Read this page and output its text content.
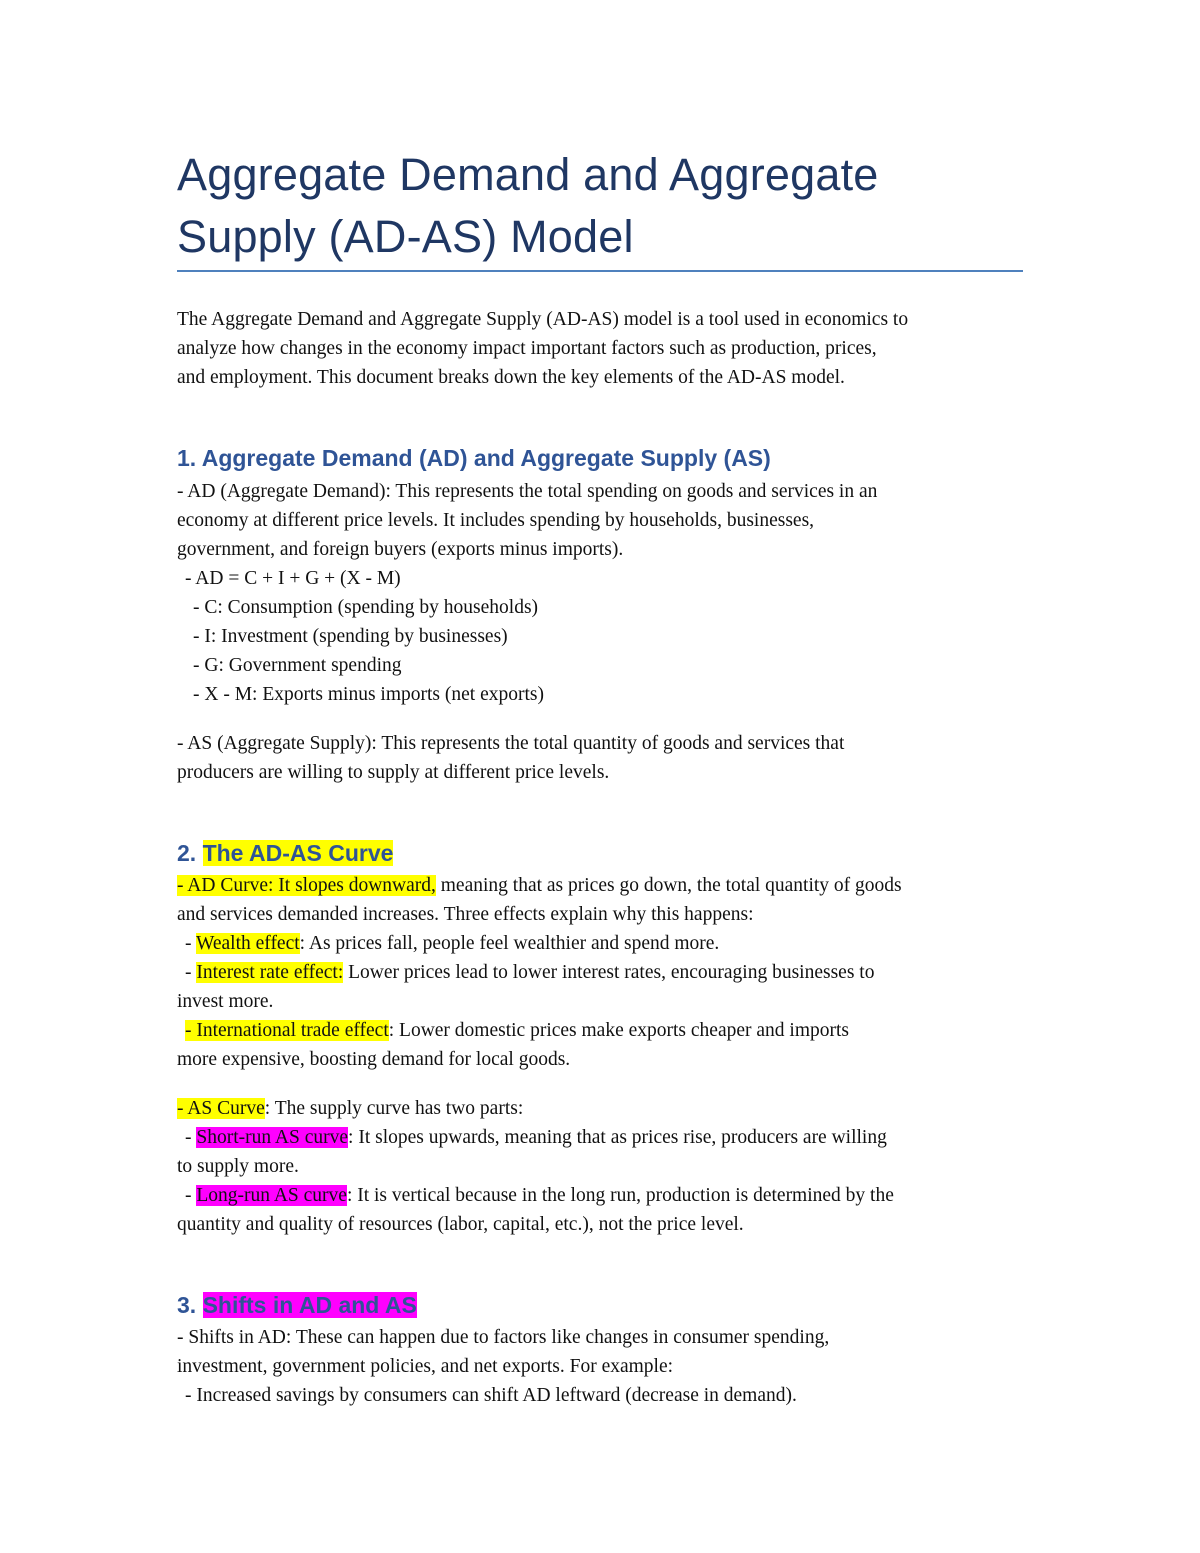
Aggregate Demand and Aggregate
Supply (AD-AS) Model

The Aggregate Demand and Aggregate Supply (AD-AS) model is a tool used in economics to

analyze how changes in the economy impact important factors such as production, prices,

and employment. This document breaks down the key elements of the AD-AS model.

1. Aggregate Demand (AD) and Aggregate Supply (AS)

- AD (Aggregate Demand): This represents the total spending on goods and services in an

economy at different price levels. It includes spending by households, businesses,

government, and foreign buyers (exports minus imports).

- AD = C + I + G + (X - M)

- C: Consumption (spending by households)

- I: Investment (spending by businesses)

- G: Government spending

- X - M: Exports minus imports (net exports)

- AS (Aggregate Supply): This represents the total quantity of goods and services that

producers are willing to supply at different price levels.

2. The AD-AS Curve

- AD Curve: It slopes downward, meaning that as prices go down, the total quantity of goods

and services demanded increases. Three effects explain why this happens:

- Wealth effect: As prices fall, people feel wealthier and spend more.

- Interest rate effect: Lower prices lead to lower interest rates, encouraging businesses to

invest more.

- International trade effect: Lower domestic prices make exports cheaper and imports

more expensive, boosting demand for local goods.

- AS Curve: The supply curve has two parts:

- Short-run AS curve: It slopes upwards, meaning that as prices rise, producers are willing

to supply more.

- Long-run AS curve: It is vertical because in the long run, production is determined by the

quantity and quality of resources (labor, capital, etc.), not the price level.

3. Shifts in AD and AS

- Shifts in AD: These can happen due to factors like changes in consumer spending,

investment, government policies, and net exports. For example:

- Increased savings by consumers can shift AD leftward (decrease in demand).
